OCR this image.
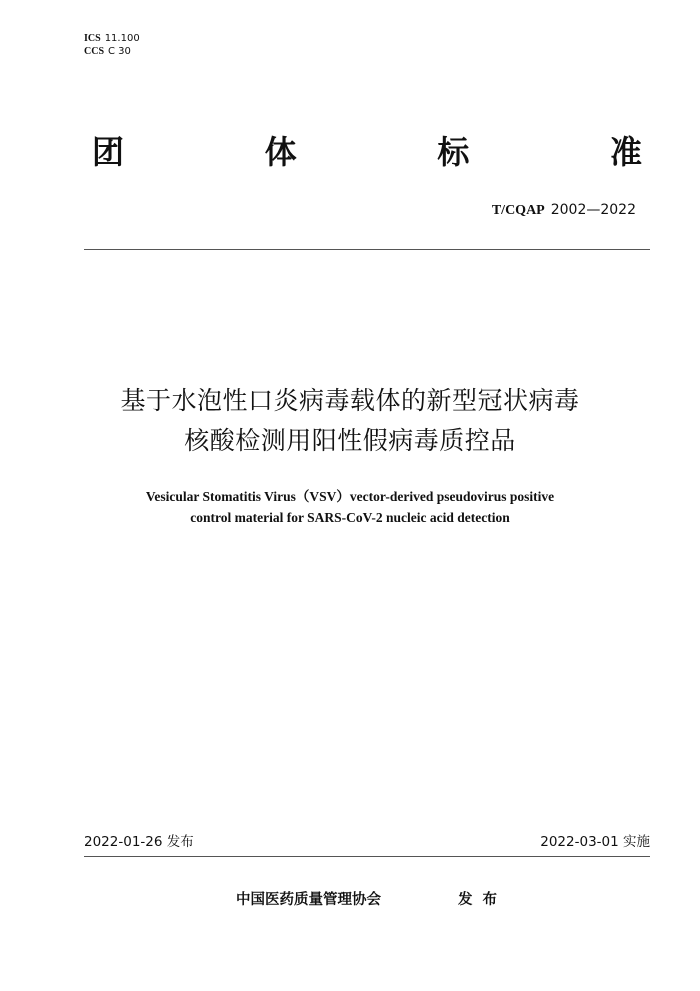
ICS 11.100
CCS C 30
团	体	标	准
T/CQAP 2002—2022
基于水泡性口炎病毒载体的新型冠状病毒
核酸检测用阳性假病毒质控品
Vesicular Stomatitis Virus（VSV）vector-derived pseudovirus positive
control material for SARS-CoV-2 nucleic acid detection
2022-01-26 发布	2022-03-01 实施
中国医药质量管理协会	发布
